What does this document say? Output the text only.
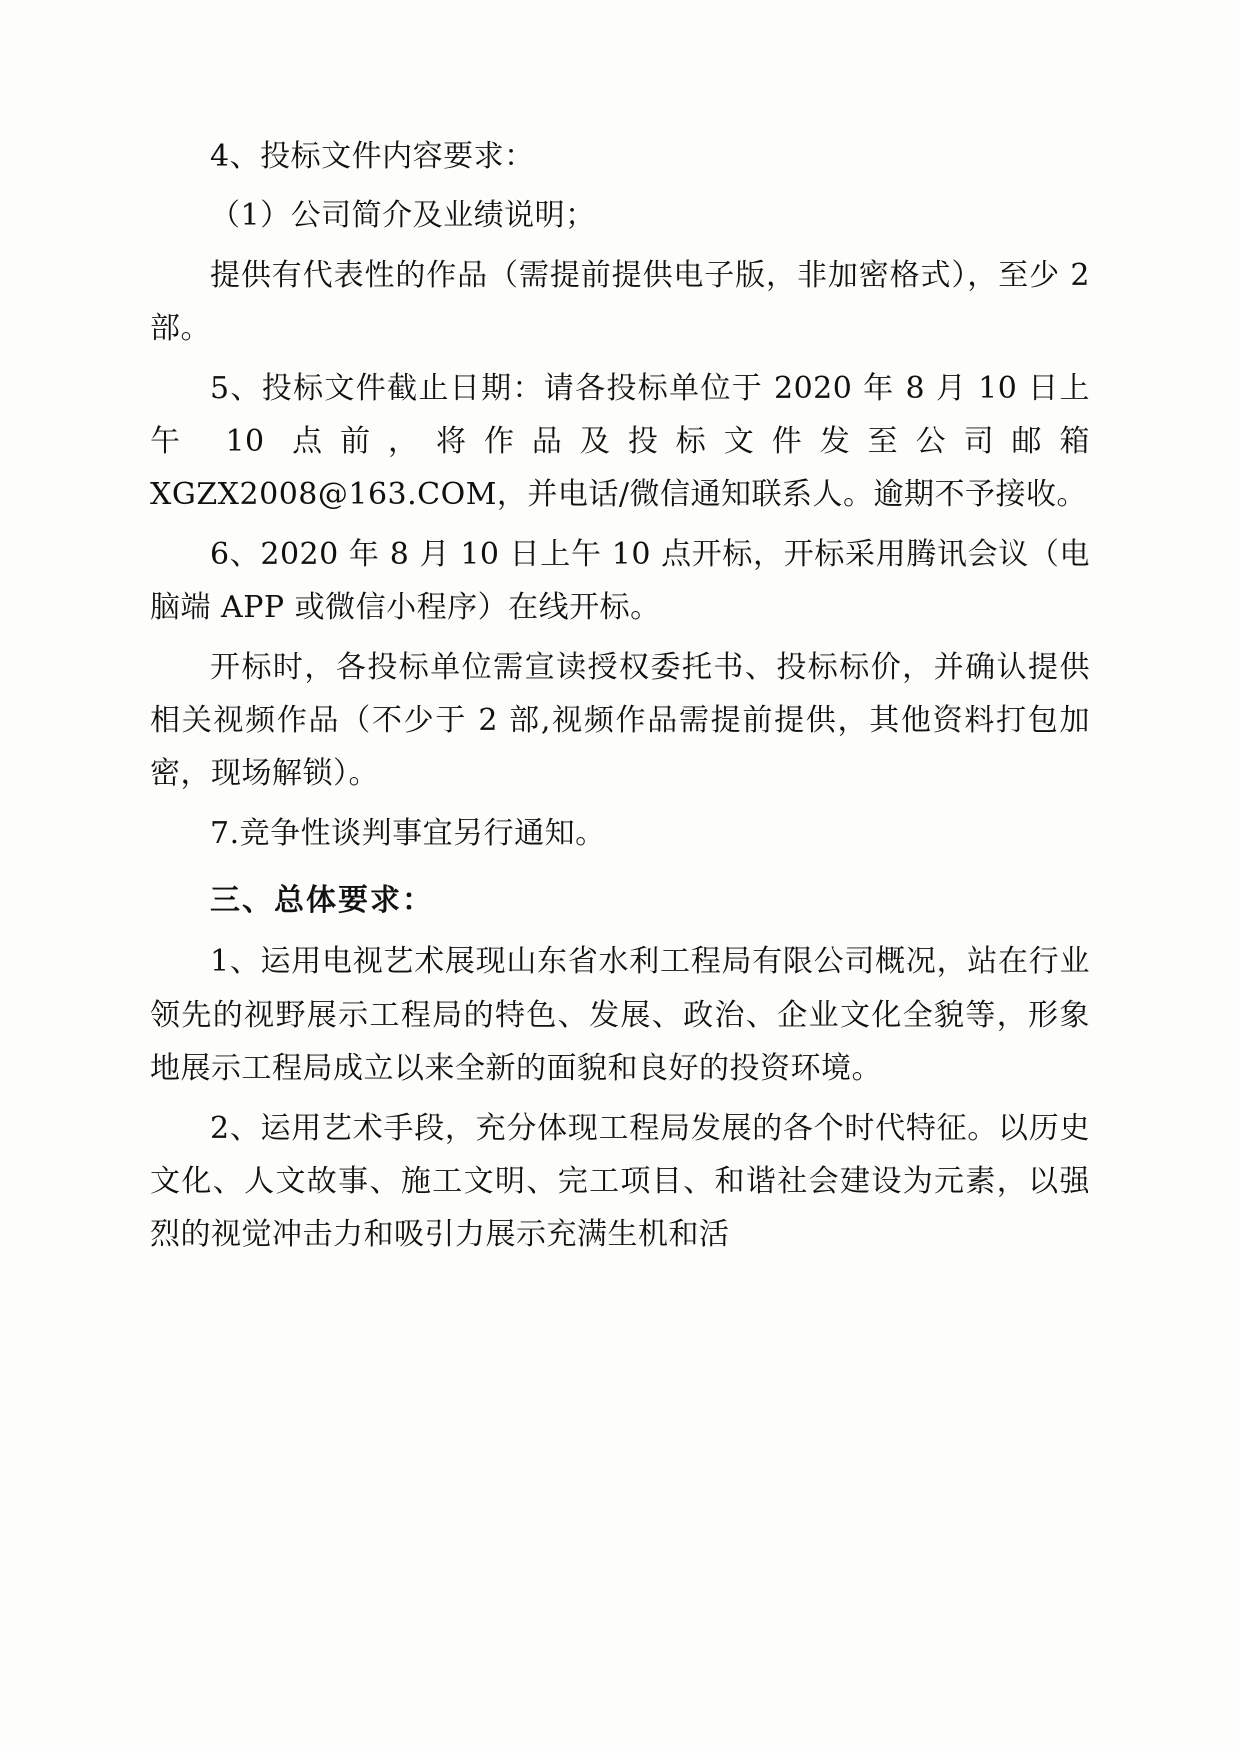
4、投标文件内容要求：

（1）公司简介及业绩说明；

提供有代表性的作品（需提前提供电子版，非加密格式），至少 2 部。

5、投标文件截止日期：请各投标单位于 2020 年 8 月 10 日上午 10 点前，将作品及投标文件发至公司邮箱 XGZX2008@163.COM，并电话/微信通知联系人。逾期不予接收。

6、2020 年 8 月 10 日上午 10 点开标，开标采用腾讯会议（电脑端 APP 或微信小程序）在线开标。

开标时，各投标单位需宣读授权委托书、投标标价，并确认提供相关视频作品（不少于 2 部,视频作品需提前提供，其他资料打包加密，现场解锁）。

7.竞争性谈判事宜另行通知。

三、总体要求：

1、运用电视艺术展现山东省水利工程局有限公司概况，站在行业领先的视野展示工程局的特色、发展、政治、企业文化全貌等，形象地展示工程局成立以来全新的面貌和良好的投资环境。

2、运用艺术手段，充分体现工程局发展的各个时代特征。以历史文化、人文故事、施工文明、完工项目、和谐社会建设为元素，以强烈的视觉冲击力和吸引力展示充满生机和活
